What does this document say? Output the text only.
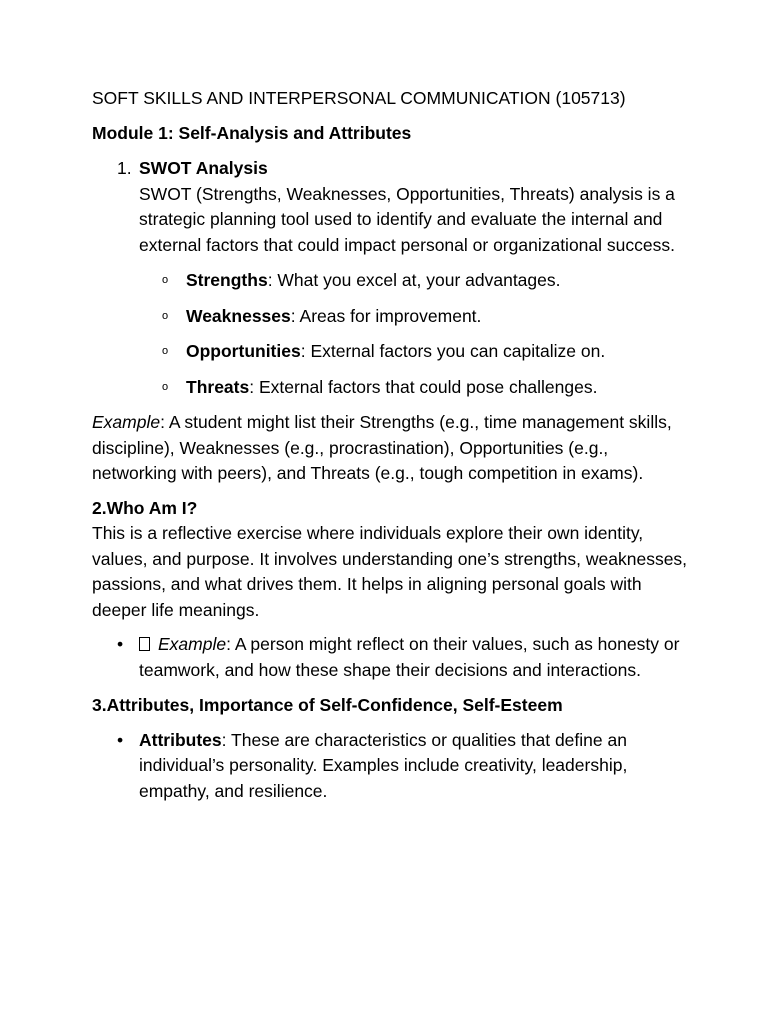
SOFT SKILLS AND INTERPERSONAL COMMUNICATION (105713)

Module 1: Self-Analysis and Attributes

1. SWOT Analysis

SWOT (Strengths, Weaknesses, Opportunities, Threats) analysis is a strategic planning tool used to identify and evaluate the internal and external factors that could impact personal or organizational success.

o Strengths: What you excel at, your advantages.
o Weaknesses: Areas for improvement.
o Opportunities: External factors you can capitalize on.
o Threats: External factors that could pose challenges.

Example: A student might list their Strengths (e.g., time management skills, discipline), Weaknesses (e.g., procrastination), Opportunities (e.g., networking with peers), and Threats (e.g., tough competition in exams).

2.Who Am I?

This is a reflective exercise where individuals explore their own identity, values, and purpose. It involves understanding one’s strengths, weaknesses, passions, and what drives them. It helps in aligning personal goals with deeper life meanings.

• Example: A person might reflect on their values, such as honesty or teamwork, and how these shape their decisions and interactions.

3.Attributes, Importance of Self-Confidence, Self-Esteem

• Attributes: These are characteristics or qualities that define an individual’s personality. Examples include creativity, leadership, empathy, and resilience.
